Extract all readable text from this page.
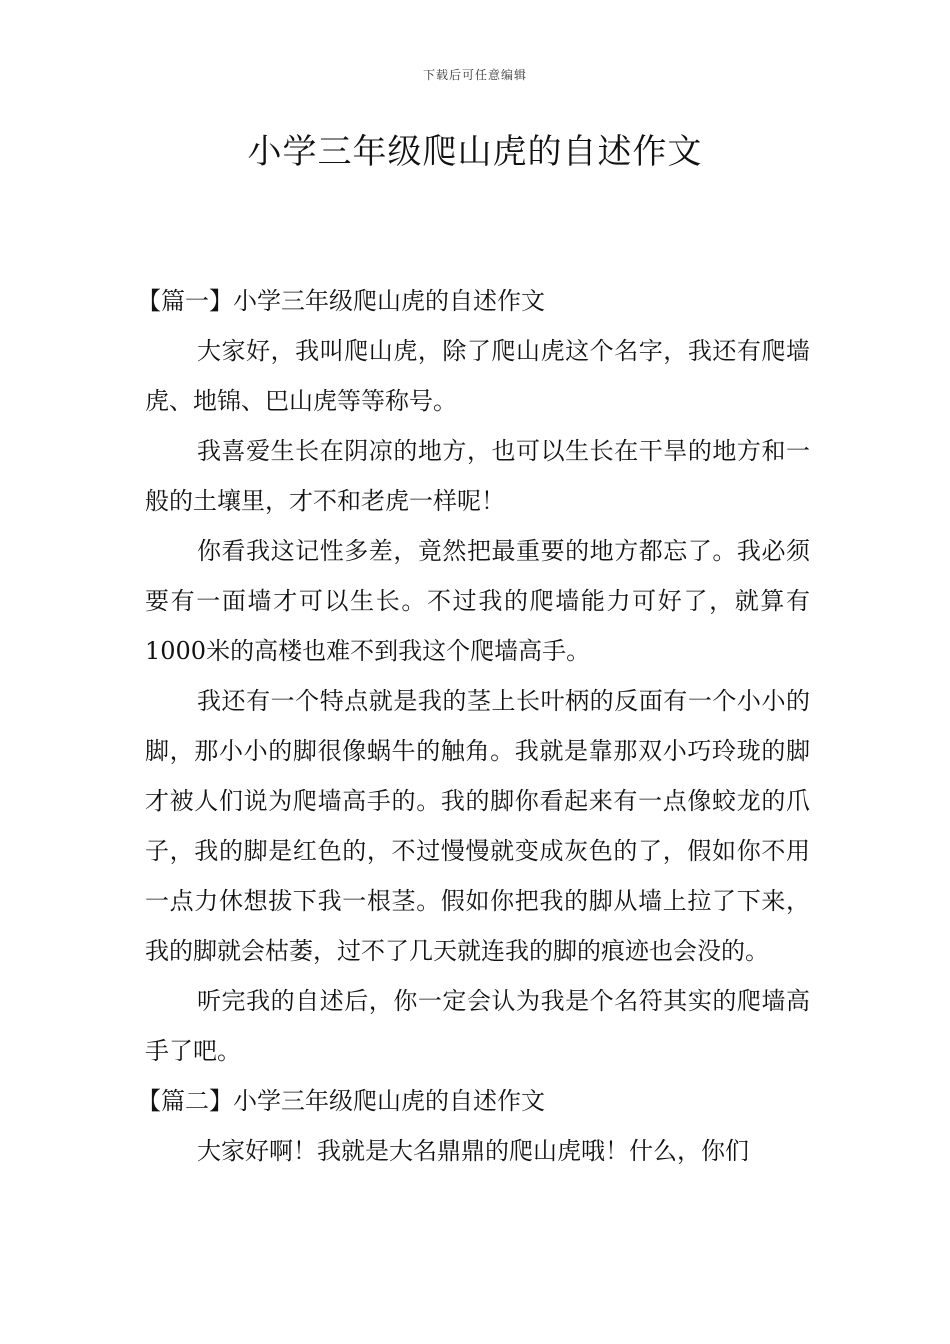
下载后可任意编辑
小学三年级爬山虎的自述作文

【篇一】小学三年级爬山虎的自述作文

大家好，我叫爬山虎，除了爬山虎这个名字，我还有爬墙虎、地锦、巴山虎等等称号。

我喜爱生长在阴凉的地方，也可以生长在干旱的地方和一般的土壤里，才不和老虎一样呢！

你看我这记性多差，竟然把最重要的地方都忘了。我必须要有一面墙才可以生长。不过我的爬墙能力可好了，就算有1000米的高楼也难不到我这个爬墙高手。

我还有一个特点就是我的茎上长叶柄的反面有一个小小的脚，那小小的脚很像蜗牛的触角。我就是靠那双小巧玲珑的脚才被人们说为爬墙高手的。我的脚你看起来有一点像蛟龙的爪子，我的脚是红色的，不过慢慢就变成灰色的了，假如你不用一点力休想拔下我一根茎。假如你把我的脚从墙上拉了下来，我的脚就会枯萎，过不了几天就连我的脚的痕迹也会没的。

听完我的自述后，你一定会认为我是个名符其实的爬墙高手了吧。

【篇二】小学三年级爬山虎的自述作文

大家好啊！我就是大名鼎鼎的爬山虎哦！什么，你们
